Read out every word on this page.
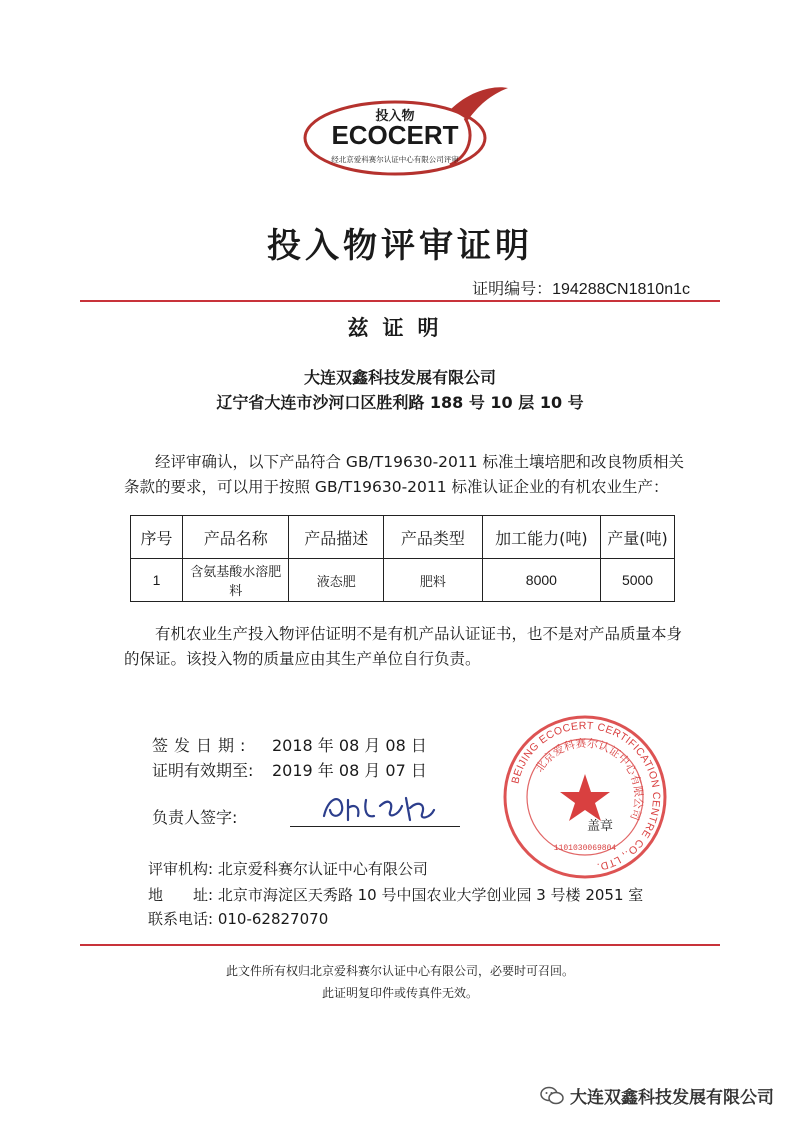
投入物
ECOCERT
经北京爱科赛尔认证中心有限公司评审
投入物评审证明
证明编号：194288CN1810n1c
兹证明
大连双鑫科技发展有限公司
辽宁省大连市沙河口区胜利路 188 号 10 层 10 号
经评审确认，以下产品符合 GB/T19630-2011 标准土壤培肥和改良物质相关条款的要求，可以用于按照 GB/T19630-2011 标准认证企业的有机农业生产：
序号	产品名称	产品描述	产品类型	加工能力(吨)	产量(吨)
1	含氨基酸水溶肥料	液态肥	肥料	8000	5000
有机农业生产投入物评估证明不是有机产品认证证书，也不是对产品质量本身的保证。该投入物的质量应由其生产单位自行负责。
签发日期: 2018 年 08 月 08 日
证明有效期至: 2019 年 08 月 07 日
负责人签字:
评审机构: 北京爱科赛尔认证中心有限公司
地　　址: 北京市海淀区天秀路 10 号中国农业大学创业园 3 号楼 2051 室
联系电话: 010-62827070
BEIJING ECOCERT CERTIFICATION CENTRE CO., LTD.
北京爱科赛尔认证中心有限公司
1101030069804
盖章
此文件所有权归北京爱科赛尔认证中心有限公司，必要时可召回。
此证明复印件或传真件无效。
大连双鑫科技发展有限公司
